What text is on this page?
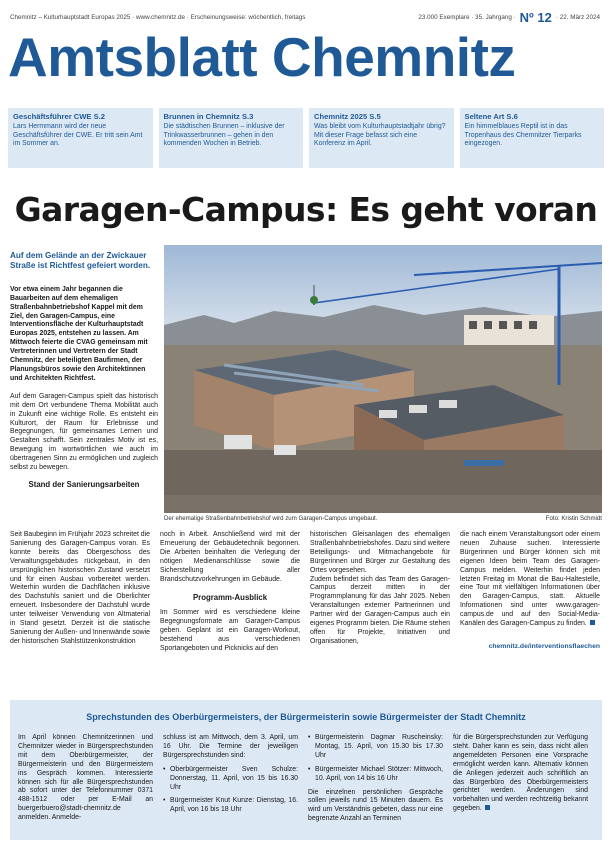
Chemnitz – Kulturhauptstadt Europas 2025 · www.chemnitz.de · Erscheinungsweise: wöchentlich, freitags	23.000 Exemplare · 35. Jahrgang · Nº 12 · 22. März 2024
Amtsblatt Chemnitz
Geschäftsführer CWE S.2
Lars Hermmann wird der neue Geschäftsführer der CWE. Er tritt sein Amt im Sommer an.
Brunnen in Chemnitz S.3
Die städtischen Brunnen – inklusive der Trinkwasserbrunnen – gehen in den kommenden Wochen in Betrieb.
Chemnitz 2025 S.5
Was bleibt vom Kulturhauptstadtjahr übrig? Mit dieser Frage befasst sich eine Konferenz im April.
Seltene Art S.6
Ein himmelblaues Reptil ist in das Tropenhaus des Chemnitzer Tierparks eingezogen.
Garagen-Campus: Es geht voran
Auf dem Gelände an der Zwickauer Straße ist Richtfest gefeiert worden.
Vor etwa einem Jahr begannen die Bauarbeiten auf dem ehemaligen Straßenbahnbetriebshof Kappel mit dem Ziel, den Garagen-Campus, eine Interventionsfläche der Kulturhauptstadt Europas 2025, entstehen zu lassen. Am Mittwoch feierte die CVAG gemeinsam mit Vertreterinnen und Vertretern der Stadt Chemnitz, der beteiligten Baufirmen, der Planungsbüros sowie den Architektinnen und Architekten Richtfest.
Auf dem Garagen-Campus spielt das historisch mit dem Ort verbundene Thema Mobilität auch in Zukunft eine wichtige Rolle. Es entsteht ein Kulturort, der Raum für Erlebnisse und Begegnungen, für gemeinsames Lernen und Gestalten schafft. Sein zentrales Motiv ist es, Bewegung im wortwörtlichen wie auch im übertragenen Sinn zu ermöglichen und zugleich selbst zu bewegen.
Stand der Sanierungsarbeiten
Der ehemalige Straßenbahnbetriebshof wird zum Garagen-Campus umgebaut.	Foto: Kristin Schmidt
Seit Baubeginn im Frühjahr 2023 schreitet die Sanierung des Garagen-Campus voran. Es konnte bereits das Obergeschoss des Verwaltungsgebäudes rückgebaut, in den ursprünglichen historischen Zustand versetzt und für einen Ausbau vorbereitet werden. Weiterhin wurden die Dachflächen inklusive des Dachstuhls saniert und die Oberlichter erneuert. Insbesondere der Dachstuhl wurde unter teilweiser Verwendung von Altmaterial in Stand gesetzt. Derzeit ist die statische Sanierung der Außen- und Innenwände sowie der historischen Stahlstützenkonstruktion
noch in Arbeit. Anschließend wird mit der Erneuerung der Gebäudetechnik begonnen. Die Arbeiten beinhalten die Verlegung der nötigen Medienanschlüsse sowie die Sicherstellung aller Brandschutzvorkehrungen im Gebäude.
Programm-Ausblick
Im Sommer wird es verschiedene kleine Begegnungsformate am Garagen-Campus geben. Geplant ist ein Garagen-Workout, bestehend aus verschiedenen Sportangeboten und Picknicks auf den
historischen Gleisanlagen des ehemaligen Straßenbahnbetriebshofes. Dazu sind weitere Beteiligungs- und Mitmachangebote für Bürgerinnen und Bürger zur Gestaltung des Ortes vorgesehen.
Zudem befindet sich das Team des Garagen-Campus derzeit mitten in der Programmplanung für das Jahr 2025. Neben Veranstaltungen externer Partnerinnen und Partner wird der Garagen-Campus auch ein eigenes Programm bieten. Die Räume stehen offen für Projekte, Initiativen und Organisationen,
die nach einem Veranstaltungsort oder einem neuen Zuhause suchen. Interessierte Bürgerinnen und Bürger können sich mit eigenen Ideen beim Team des Garagen-Campus melden. Weiterhin findet jeden letzten Freitag im Monat die Bau-Haltestelle, eine Tour mit vielfältigen Informationen über den Garagen-Campus, statt. Aktuelle Informationen sind unter www.garagen-campus.de und auf den Social-Media-Kanälen des Garagen-Campus zu finden.
chemnitz.de/interventionsflaechen
Sprechstunden des Oberbürgermeisters, der Bürgermeisterin sowie Bürgermeister der Stadt Chemnitz
Im April können Chemnitzerinnen und Chemnitzer wieder in Bürgersprechstunden mit dem Oberbürgermeister, der Bürgermeisterin und den Bürgermeistern ins Gespräch kommen. Interessierte können sich für alle Bürgersprechstunden ab sofort unter der Telefonnummer 0371 488-1512 oder per E-Mail an buergerbuero@stadt-chemnitz.de anmelden. Anmelde-
schluss ist am Mittwoch, dem 3. April, um 16 Uhr. Die Termine der jeweiligen Bürgersprechstunden sind:
• Oberbürgermeister Sven Schulze: Donnerstag, 11. April, von 15 bis 16.30 Uhr
• Bürgermeister Knut Kunze: Dienstag, 16. April, von 16 bis 18 Uhr
• Bürgermeisterin Dagmar Ruscheinsky: Montag, 15. April, von 15.30 bis 17.30 Uhr
• Bürgermeister Michael Stötzer: Mittwoch, 10. April, von 14 bis 16 Uhr
Die einzelnen persönlichen Gespräche sollen jeweils rund 15 Minuten dauern. Es wird um Verständnis gebeten, dass nur eine begrenzte Anzahl an Terminen
für die Bürgersprechstunden zur Verfügung steht. Daher kann es sein, dass nicht allen angemeldeten Personen eine Vorsprache ermöglicht werden kann. Alternativ können die Anliegen jederzeit auch schriftlich an das Bürgerbüro des Oberbürgermeisters gerichtet werden. Änderungen sind vorbehalten und werden rechtzeitig bekannt gegeben.
